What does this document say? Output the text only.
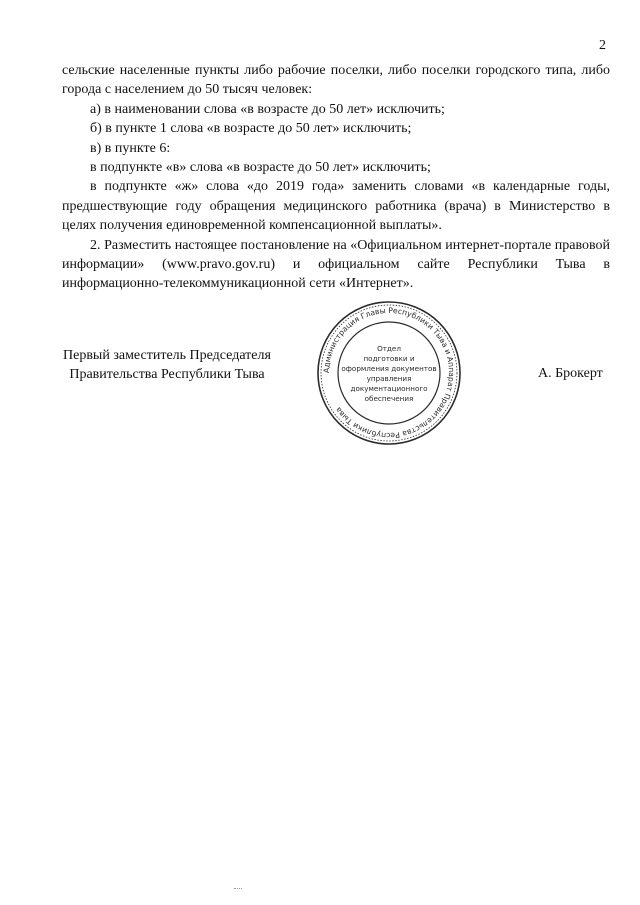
2

сельские населенные пункты либо рабочие поселки, либо поселки городского типа, либо города с населением до 50 тысяч человек:

а) в наименовании слова «в возрасте до 50 лет» исключить;

б) в пункте 1 слова «в возрасте до 50 лет» исключить;

в) в пункте 6:

в подпункте «в» слова «в возрасте до 50 лет» исключить;

в подпункте «ж» слова «до 2019 года» заменить словами «в календарные годы, предшествующие году обращения медицинского работника (врача) в Министерство в целях получения единовременной компенсационной выплаты».

2. Разместить настоящее постановление на «Официальном интернет-портале правовой информации» (www.pravo.gov.ru) и официальном сайте Республики Тыва в информационно-телекоммуникационной сети «Интернет».

Первый заместитель Председателя
Правительства Республики Тыва	А. Брокерт
Администрация Главы Республики Тыва и Аппарат Правительства Республики Тыва
Отдел
подготовки и
оформления документов
управления
документационного
обеспечения
